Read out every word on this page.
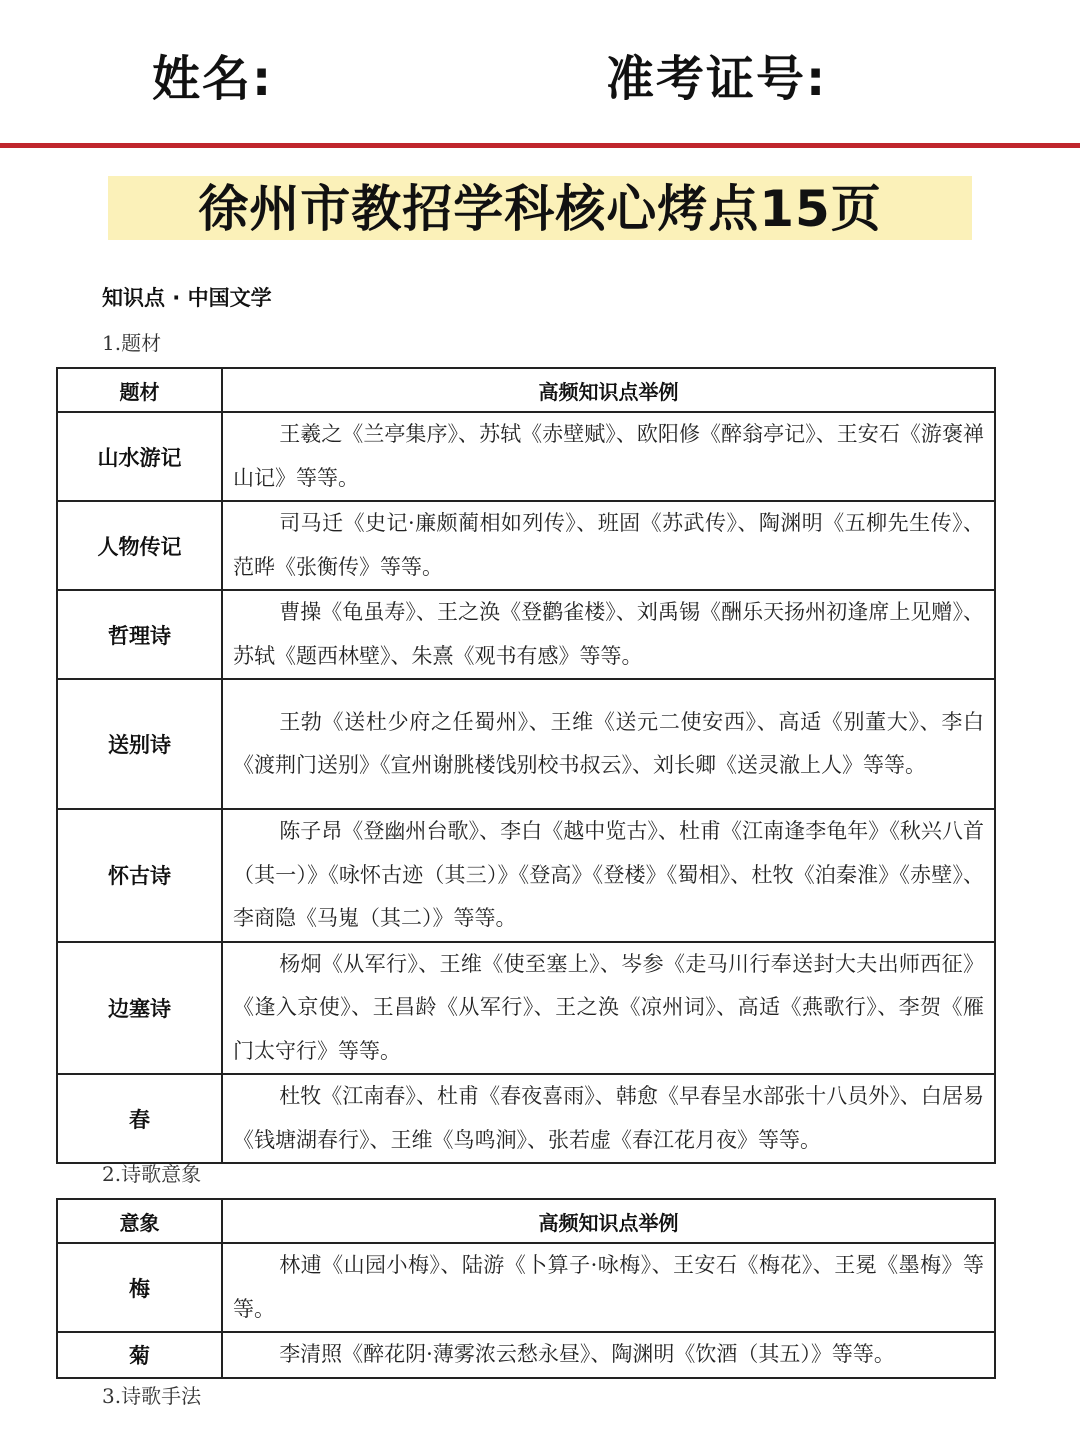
姓名:	准考证号:
徐州市教招学科核心烤点15页
知识点 · 中国文学
1.题材
题材	高频知识点举例
山水游记	王羲之《兰亭集序》、苏轼《赤壁赋》、欧阳修《醉翁亭记》、王安石《游褒禅山记》等等。
人物传记	司马迁《史记·廉颇蔺相如列传》、班固《苏武传》、陶渊明《五柳先生传》、范晔《张衡传》等等。
哲理诗	曹操《龟虽寿》、王之涣《登鹳雀楼》、刘禹锡《酬乐天扬州初逢席上见赠》、苏轼《题西林壁》、朱熹《观书有感》等等。
送别诗	王勃《送杜少府之任蜀州》、王维《送元二使安西》、高适《别董大》、李白《渡荆门送别》《宣州谢朓楼饯别校书叔云》、刘长卿《送灵澈上人》等等。
怀古诗	陈子昂《登幽州台歌》、李白《越中览古》、杜甫《江南逢李龟年》《秋兴八首（其一）》《咏怀古迹（其三）》《登高》《登楼》《蜀相》、杜牧《泊秦淮》《赤壁》、李商隐《马嵬（其二）》等等。
边塞诗	杨炯《从军行》、王维《使至塞上》、岑参《走马川行奉送封大夫出师西征》《逢入京使》、王昌龄《从军行》、王之涣《凉州词》、高适《燕歌行》、李贺《雁门太守行》等等。
春	杜牧《江南春》、杜甫《春夜喜雨》、韩愈《早春呈水部张十八员外》、白居易《钱塘湖春行》、王维《鸟鸣涧》、张若虚《春江花月夜》等等。
2.诗歌意象
意象	高频知识点举例
梅	林逋《山园小梅》、陆游《卜算子·咏梅》、王安石《梅花》、王冕《墨梅》等等。
菊	李清照《醉花阴·薄雾浓云愁永昼》、陶渊明《饮酒（其五）》等等。
3.诗歌手法
